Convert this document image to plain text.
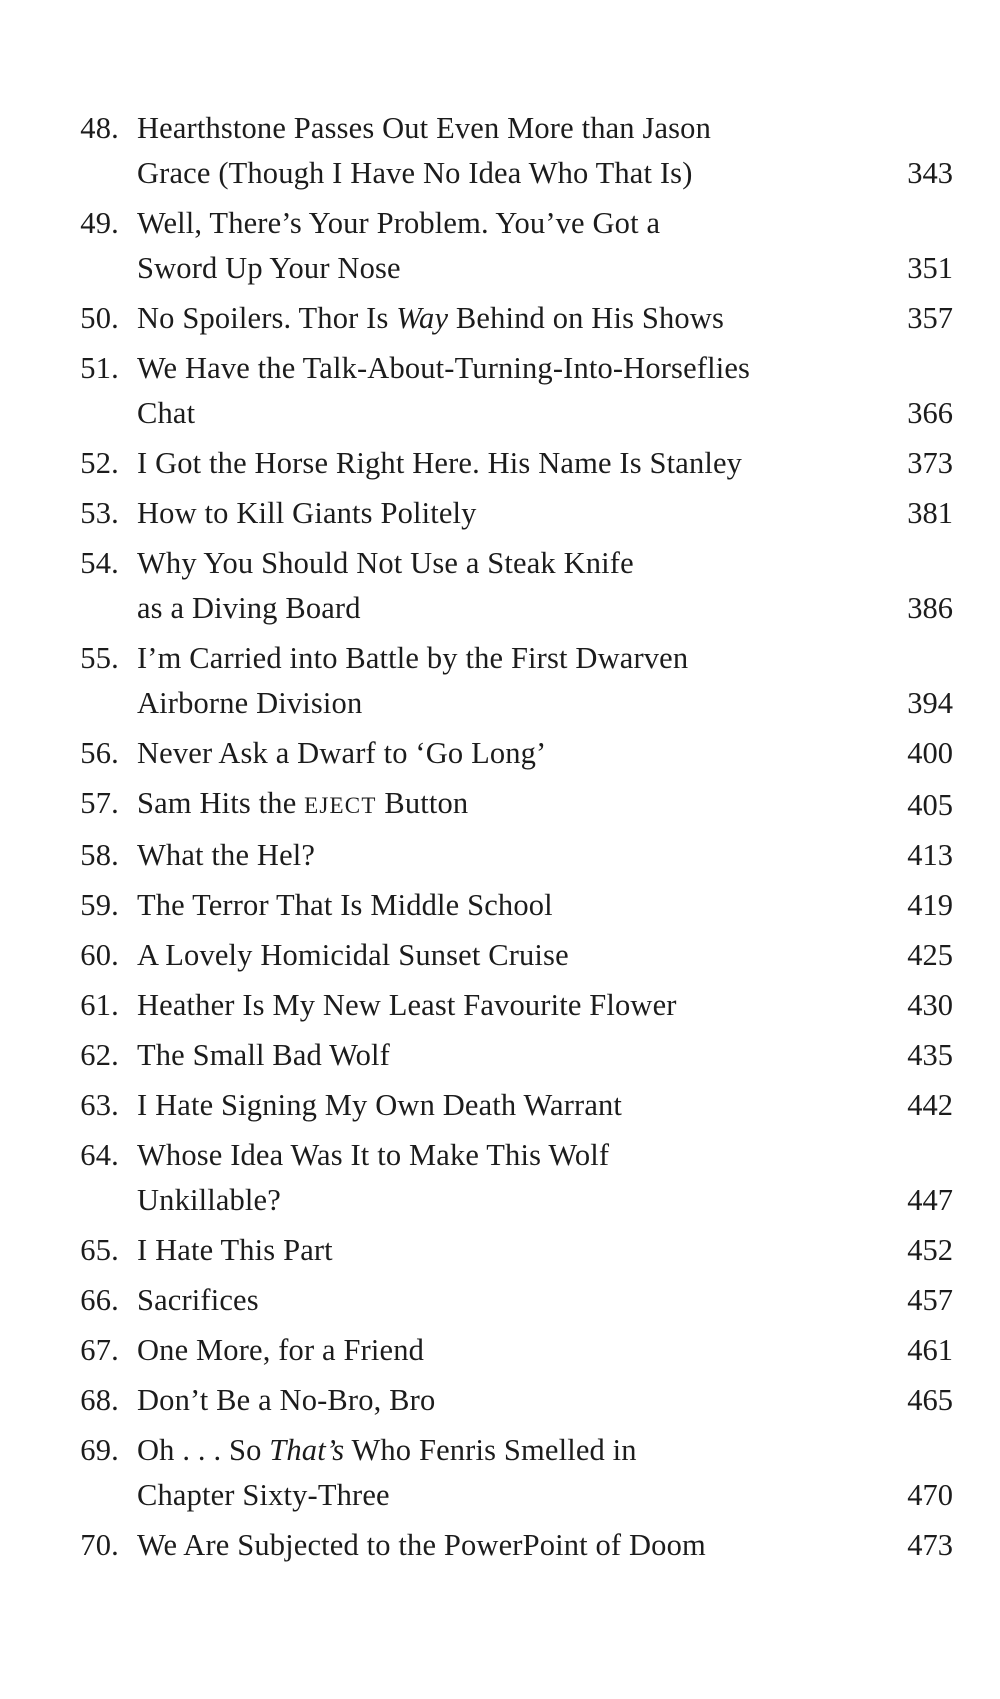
48. Hearthstone Passes Out Even More than Jason
Grace (Though I Have No Idea Who That Is)	343
49. Well, There’s Your Problem. You’ve Got a
Sword Up Your Nose	351
50. No Spoilers. Thor Is Way Behind on His Shows	357
51. We Have the Talk-About-Turning-Into-Horseflies
Chat	366
52. I Got the Horse Right Here. His Name Is Stanley	373
53. How to Kill Giants Politely	381
54. Why You Should Not Use a Steak Knife
as a Diving Board	386
55. I’m Carried into Battle by the First Dwarven
Airborne Division	394
56. Never Ask a Dwarf to ‘Go Long’	400
57. Sam Hits the EJECT Button	405
58. What the Hel?	413
59. The Terror That Is Middle School	419
60. A Lovely Homicidal Sunset Cruise	425
61. Heather Is My New Least Favourite Flower	430
62. The Small Bad Wolf	435
63. I Hate Signing My Own Death Warrant	442
64. Whose Idea Was It to Make This Wolf
Unkillable?	447
65. I Hate This Part	452
66. Sacrifices	457
67. One More, for a Friend	461
68. Don’t Be a No-Bro, Bro	465
69. Oh . . . So That’s Who Fenris Smelled in
Chapter Sixty-Three	470
70. We Are Subjected to the PowerPoint of Doom	473
